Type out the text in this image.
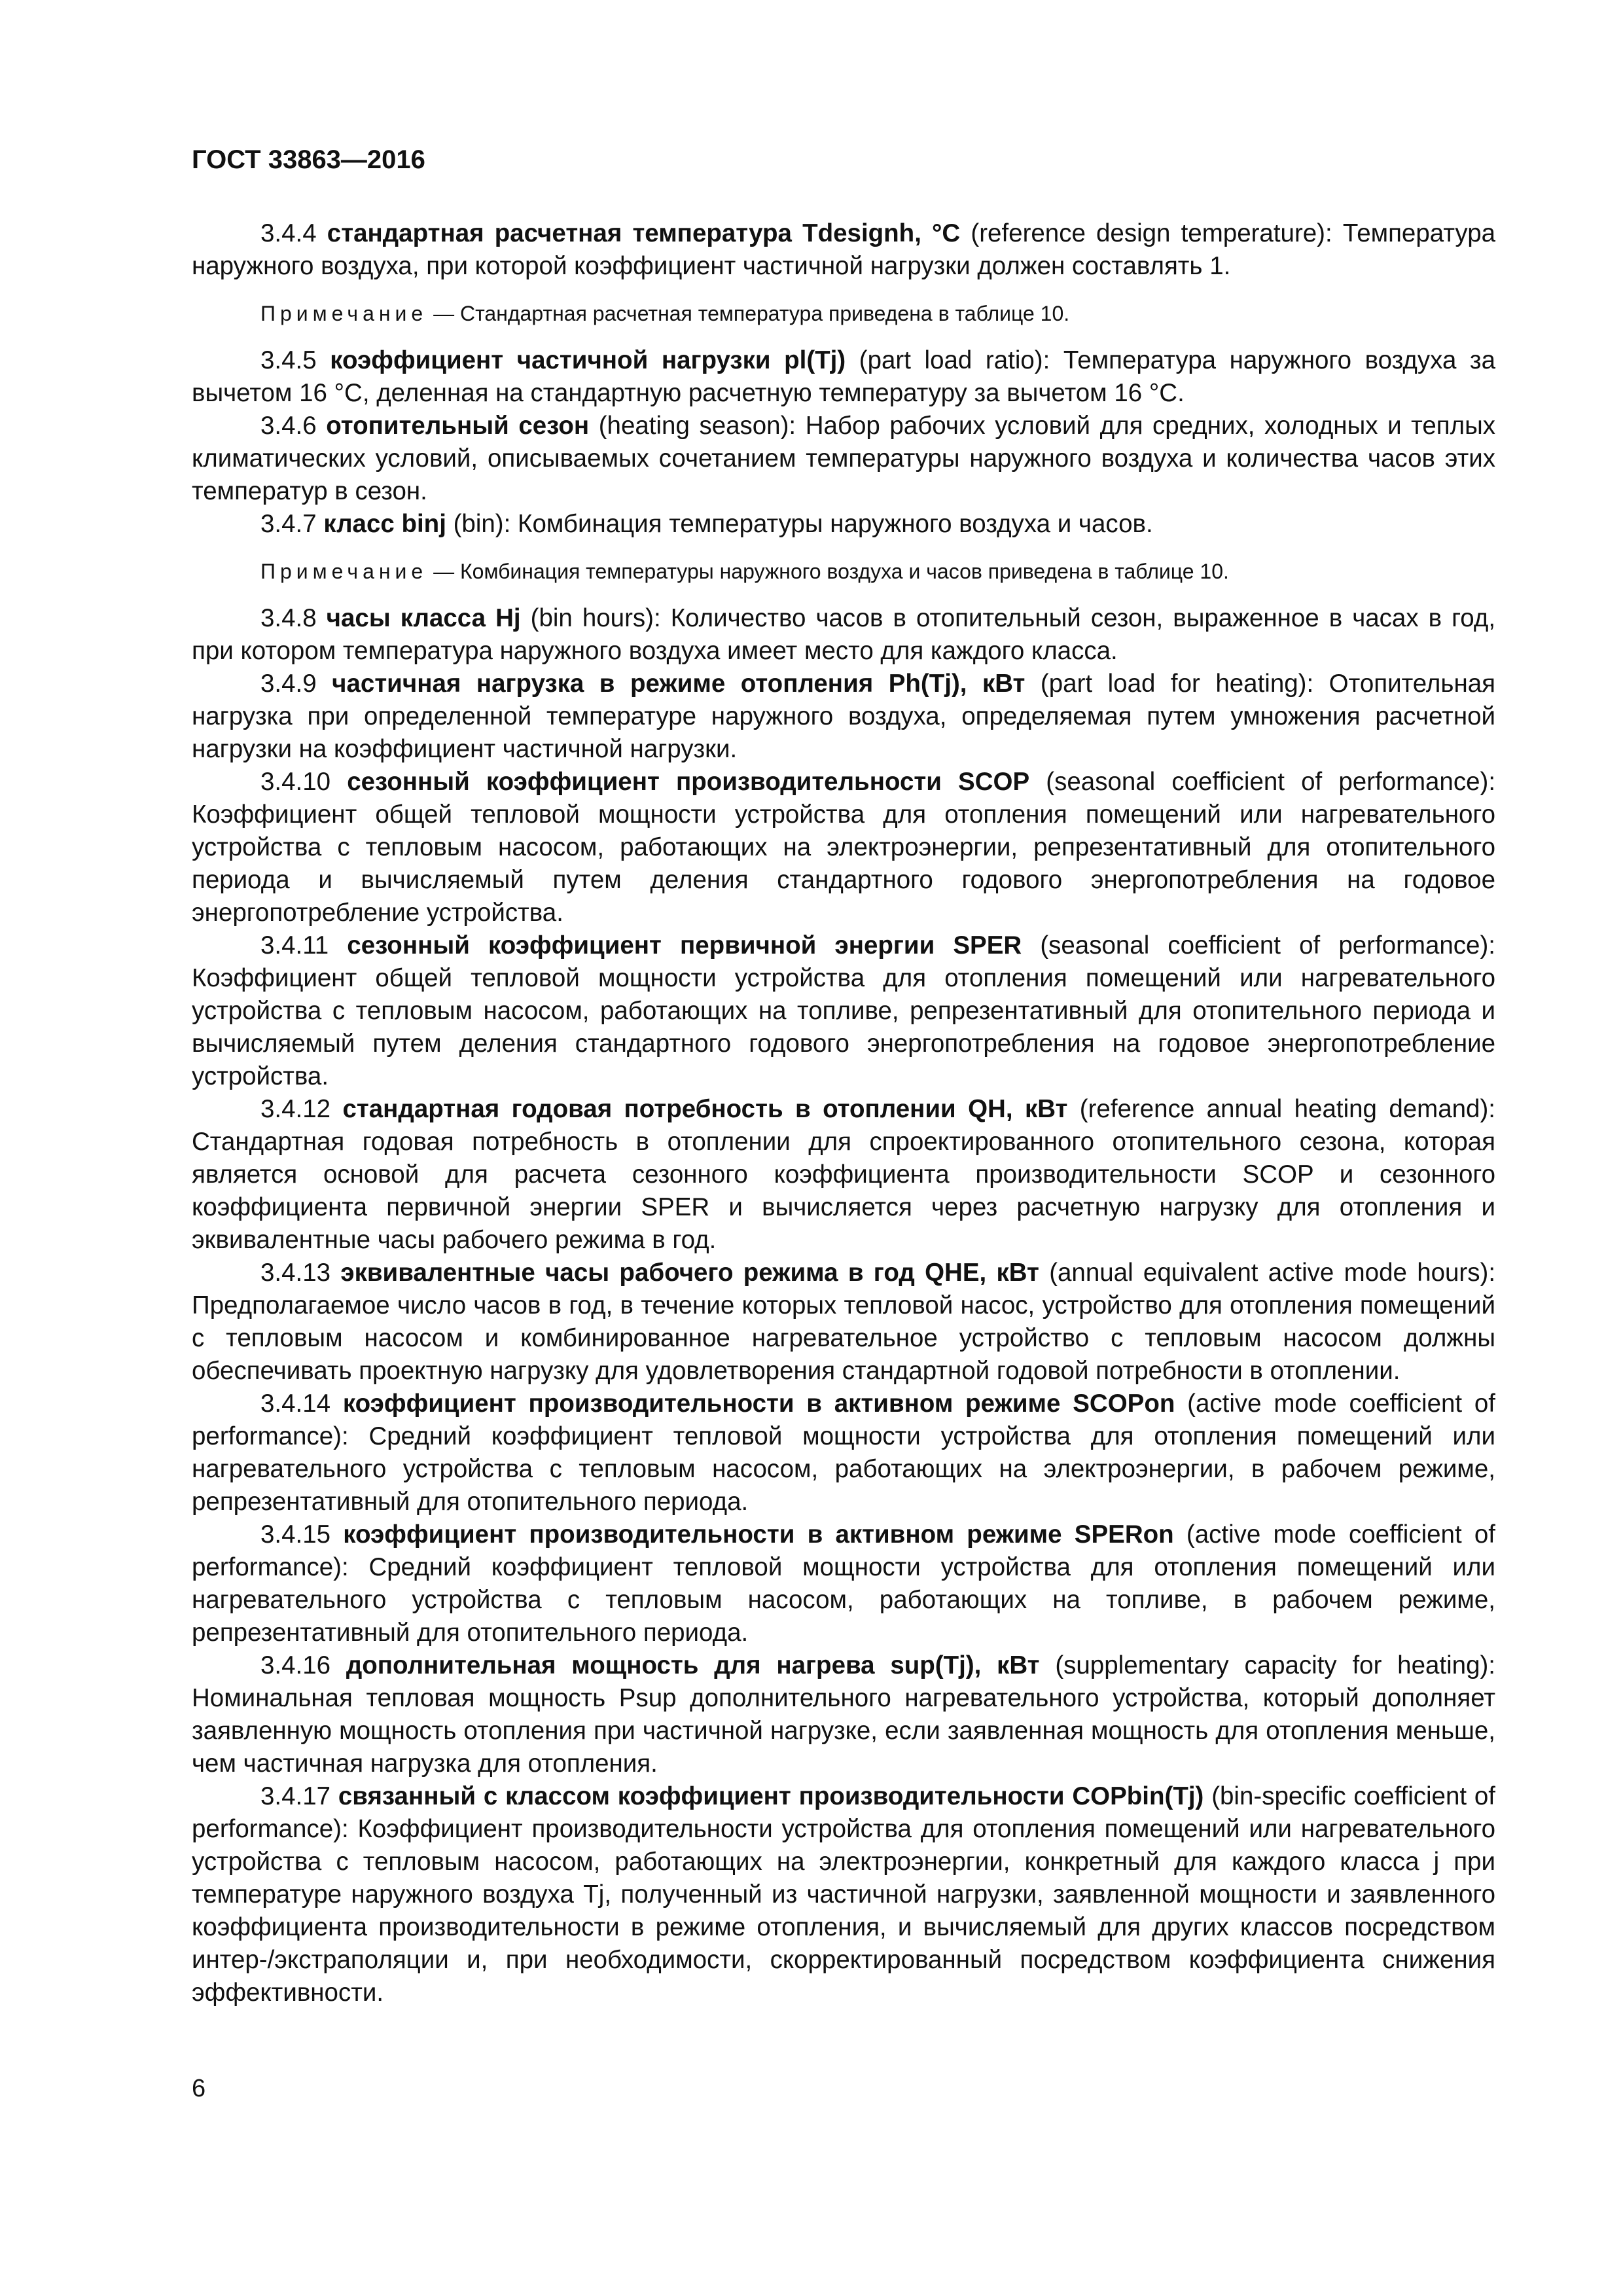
ГОСТ 33863—2016

3.4.4 стандартная расчетная температура Tdesignh, °C (reference design temperature): Температура наружного воздуха, при которой коэффициент частичной нагрузки должен составлять 1.

Примечание — Стандартная расчетная температура приведена в таблице 10.

3.4.5 коэффициент частичной нагрузки pl(Tj) (part load ratio): Температура наружного воздуха за вычетом 16 °С, деленная на стандартную расчетную температуру за вычетом 16 °С.

3.4.6 отопительный сезон (heating season): Набор рабочих условий для средних, холодных и теплых климатических условий, описываемых сочетанием температуры наружного воздуха и количества часов этих температур в сезон.

3.4.7 класс binj (bin): Комбинация температуры наружного воздуха и часов.

Примечание — Комбинация температуры наружного воздуха и часов приведена в таблице 10.

3.4.8 часы класса Hj (bin hours): Количество часов в отопительный сезон, выраженное в часах в год, при котором температура наружного воздуха имеет место для каждого класса.

3.4.9 частичная нагрузка в режиме отопления Ph(Tj), кВт (part load for heating): Отопительная нагрузка при определенной температуре наружного воздуха, определяемая путем умножения расчетной нагрузки на коэффициент частичной нагрузки.

3.4.10 сезонный коэффициент производительности SCOP (seasonal coefficient of performance): Коэффициент общей тепловой мощности устройства для отопления помещений или нагревательного устройства с тепловым насосом, работающих на электроэнергии, репрезентативный для отопительного периода и вычисляемый путем деления стандартного годового энергопотребления на годовое энергопотребление устройства.

3.4.11 сезонный коэффициент первичной энергии SPER (seasonal coefficient of performance): Коэффициент общей тепловой мощности устройства для отопления помещений или нагревательного устройства с тепловым насосом, работающих на топливе, репрезентативный для отопительного периода и вычисляемый путем деления стандартного годового энергопотребления на годовое энергопотребление устройства.

3.4.12 стандартная годовая потребность в отоплении QH, кВт (reference annual heating demand): Стандартная годовая потребность в отоплении для спроектированного отопительного сезона, которая является основой для расчета сезонного коэффициента производительности SCOP и сезонного коэффициента первичной энергии SPER и вычисляется через расчетную нагрузку для отопления и эквивалентные часы рабочего режима в год.

3.4.13 эквивалентные часы рабочего режима в год QHE, кВт (annual equivalent active mode hours): Предполагаемое число часов в год, в течение которых тепловой насос, устройство для отопления помещений с тепловым насосом и комбинированное нагревательное устройство с тепловым насосом должны обеспечивать проектную нагрузку для удовлетворения стандартной годовой потребности в отоплении.

3.4.14 коэффициент производительности в активном режиме SCOPon (active mode coefficient of performance): Средний коэффициент тепловой мощности устройства для отопления помещений или нагревательного устройства с тепловым насосом, работающих на электроэнергии, в рабочем режиме, репрезентативный для отопительного периода.

3.4.15 коэффициент производительности в активном режиме SPERon (active mode coefficient of performance): Средний коэффициент тепловой мощности устройства для отопления помещений или нагревательного устройства с тепловым насосом, работающих на топливе, в рабочем режиме, репрезентативный для отопительного периода.

3.4.16 дополнительная мощность для нагрева sup(Tj), кВт (supplementary capacity for heating): Номинальная тепловая мощность Psup дополнительного нагревательного устройства, который дополняет заявленную мощность отопления при частичной нагрузке, если заявленная мощность для отопления меньше, чем частичная нагрузка для отопления.

3.4.17 связанный с классом коэффициент производительности COPbin(Tj) (bin-specific coefficient of performance): Коэффициент производительности устройства для отопления помещений или нагревательного устройства с тепловым насосом, работающих на электроэнергии, конкретный для каждого класса j при температуре наружного воздуха Tj, полученный из частичной нагрузки, заявленной мощности и заявленного коэффициента производительности в режиме отопления, и вычисляемый для других классов посредством интер-/экстраполяции и, при необходимости, скорректированный посредством коэффициента снижения эффективности.

6
